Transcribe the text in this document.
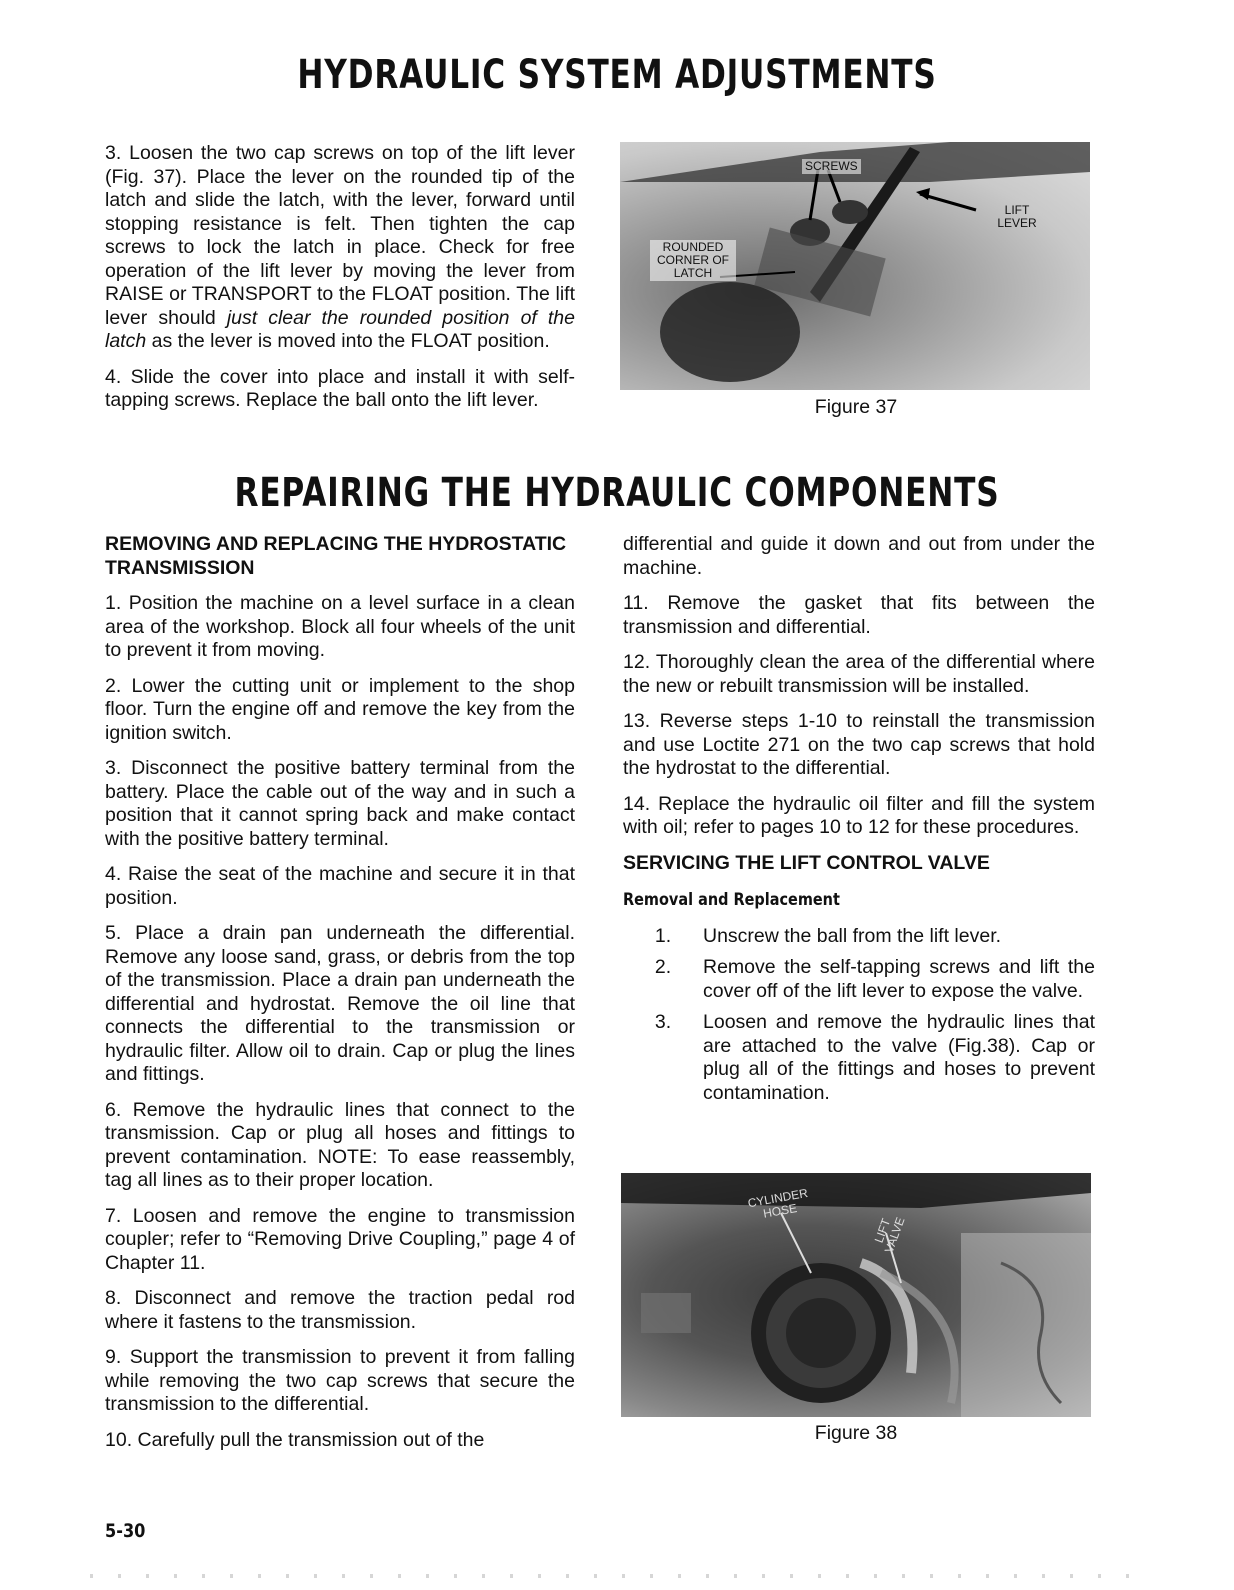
HYDRAULIC SYSTEM ADJUSTMENTS

3. Loosen the two cap screws on top of the lift lever (Fig. 37). Place the lever on the rounded tip of the latch and slide the latch, with the lever, forward until stopping resistance is felt. Then tighten the cap screws to lock the latch in place. Check for free operation of the lift lever by moving the lever from RAISE or TRANSPORT to the FLOAT position. The lift lever should just clear the rounded position of the latch as the lever is moved into the FLOAT position.

4. Slide the cover into place and install it with self-tapping screws. Replace the ball onto the lift lever.

SCREWS
LIFT LEVER
ROUNDED CORNER OF LATCH
Figure 37
REPAIRING THE HYDRAULIC COMPONENTS
REMOVING AND REPLACING THE HYDROSTATIC TRANSMISSION

1. Position the machine on a level surface in a clean area of the workshop. Block all four wheels of the unit to prevent it from moving.

2. Lower the cutting unit or implement to the shop floor. Turn the engine off and remove the key from the ignition switch.

3. Disconnect the positive battery terminal from the battery. Place the cable out of the way and in such a position that it cannot spring back and make contact with the positive battery terminal.

4. Raise the seat of the machine and secure it in that position.

5. Place a drain pan underneath the differential. Remove any loose sand, grass, or debris from the top of the transmission. Place a drain pan underneath the differential and hydrostat. Remove the oil line that connects the differential to the transmission or hydraulic filter. Allow oil to drain. Cap or plug the lines and fittings.

6. Remove the hydraulic lines that connect to the transmission. Cap or plug all hoses and fittings to prevent contamination. NOTE: To ease reassembly, tag all lines as to their proper location.

7. Loosen and remove the engine to transmission coupler; refer to “Removing Drive Coupling,” page 4 of Chapter 11.

8. Disconnect and remove the traction pedal rod where it fastens to the transmission.

9. Support the transmission to prevent it from falling while removing the two cap screws that secure the transmission to the differential.

10. Carefully pull the transmission out of the

differential and guide it down and out from under the machine.

11. Remove the gasket that fits between the transmission and differential.

12. Thoroughly clean the area of the differential where the new or rebuilt transmission will be installed.

13. Reverse steps 1-10 to reinstall the transmission and use Loctite 271 on the two cap screws that hold the hydrostat to the differential.

14. Replace the hydraulic oil filter and fill the system with oil; refer to pages 10 to 12 for these procedures.

SERVICING THE LIFT CONTROL VALVE
Removal and Replacement
1.	Unscrew the ball from the lift lever.
2.	Remove the self-tapping screws and lift the cover off of the lift lever to expose the valve.
3.	Loosen and remove the hydraulic lines that are attached to the valve (Fig.38). Cap or plug all of the fittings and hoses to prevent contamination.
CYLINDER HOSE
LIFT VALVE
Figure 38
5-30
